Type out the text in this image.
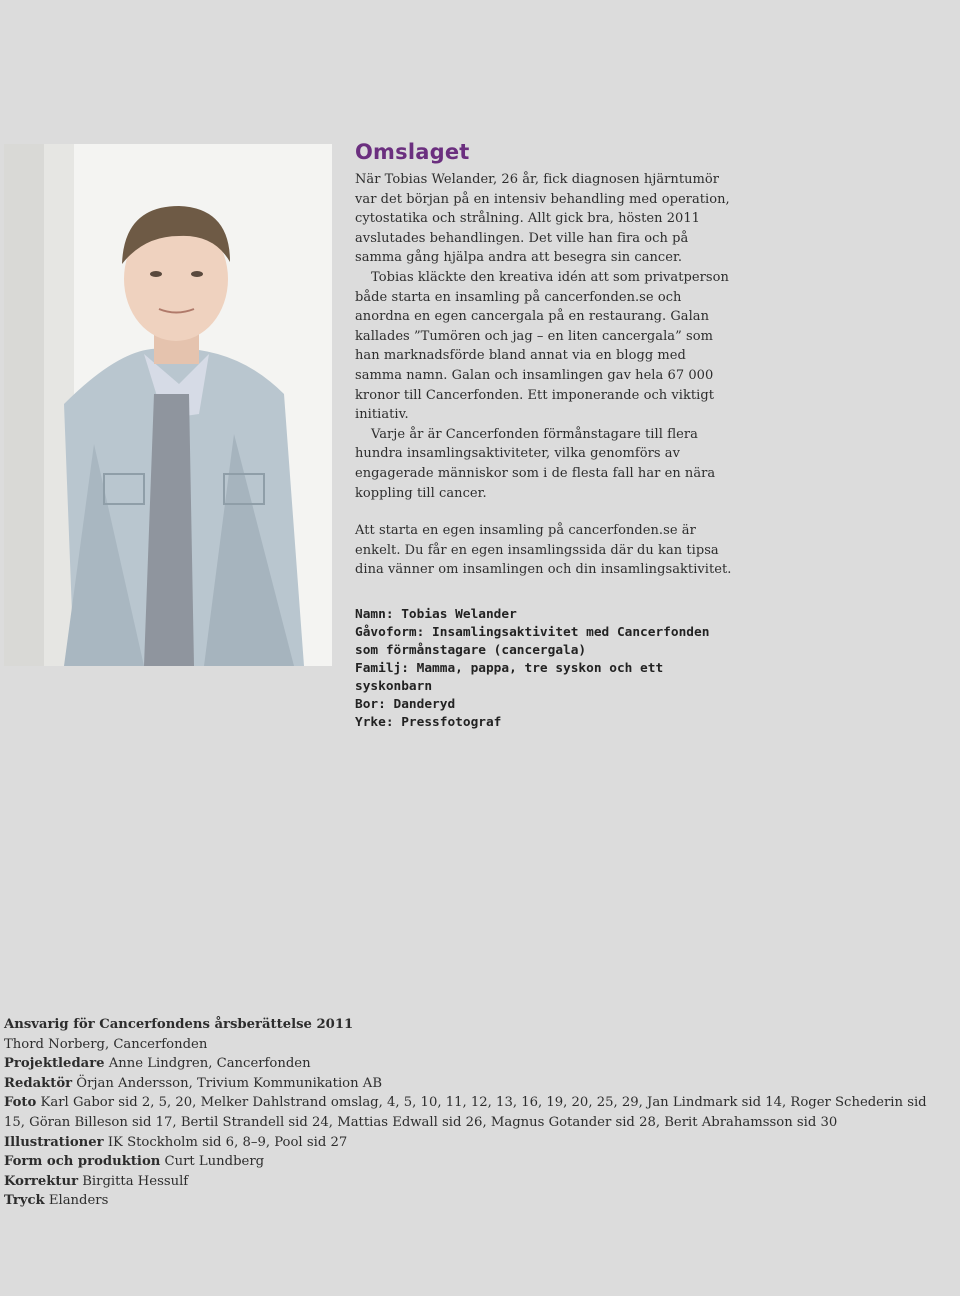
Omslaget

När Tobias Welander, 26 år, fick diagnosen hjärntumör var det början på en intensiv behandling med operation, cytostatika och strålning. Allt gick bra, hösten 2011 avslutades behandlingen. Det ville han fira och på samma gång hjälpa andra att besegra sin cancer.

Tobias kläckte den kreativa idén att som privatperson både starta en insamling på cancerfonden.se och anordna en egen cancergala på en restaurang. Galan kallades ”Tumören och jag – en liten cancergala” som han marknadsförde bland annat via en blogg med samma namn. Galan och insamlingen gav hela 67 000 kronor till Cancerfonden. Ett imponerande och viktigt initiativ.

Varje år är Cancerfonden förmånstagare till flera hundra insamlingsaktiviteter, vilka genomförs av engagerade människor som i de flesta fall har en nära koppling till cancer.

Att starta en egen insamling på cancerfonden.se är enkelt. Du får en egen insamlingssida där du kan tipsa dina vänner om insamlingen och din insamlingsaktivitet.

Namn: Tobias Welander
Gåvoform: Insamlingsaktivitet med Cancerfonden som förmånstagare (cancergala)
Familj: Mamma, pappa, tre syskon och ett syskonbarn
Bor: Danderyd
Yrke: Pressfotograf
Ansvarig för Cancerfondens årsberättelse 2011
Thord Norberg, Cancerfonden
Projektledare Anne Lindgren, Cancerfonden
Redaktör Örjan Andersson, Trivium Kommunikation AB
Foto Karl Gabor sid 2, 5, 20, Melker Dahlstrand omslag, 4, 5, 10, 11, 12, 13, 16, 19, 20, 25, 29, Jan Lindmark sid 14, Roger Schederin sid 15, Göran Billeson sid 17, Bertil Strandell sid 24, Mattias Edwall sid 26, Magnus Gotander sid 28, Berit Abrahamsson sid 30
Illustrationer IK Stockholm sid 6, 8–9, Pool sid 27
Form och produktion Curt Lundberg
Korrektur Birgitta Hessulf
Tryck Elanders
